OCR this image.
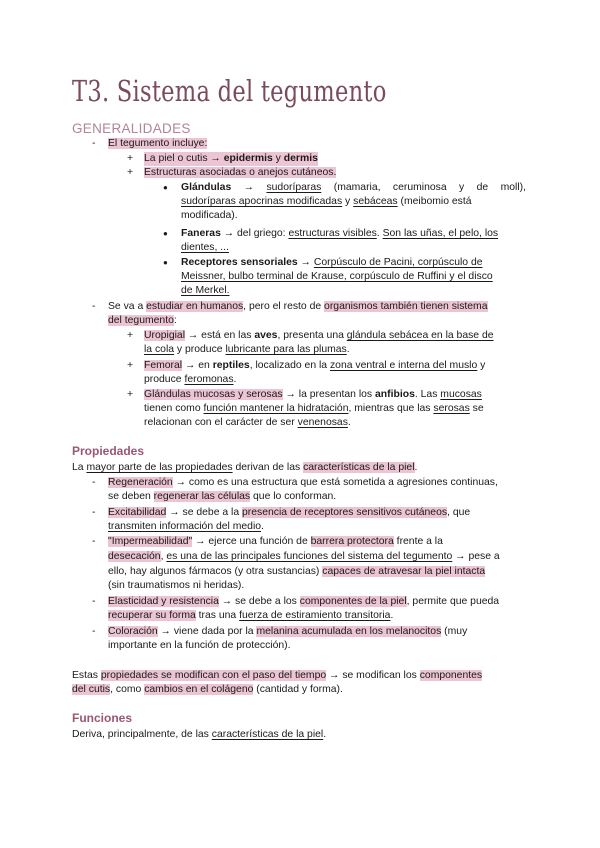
T3. Sistema del tegumento
GENERALIDADES
- El tegumento incluye:
+ La piel o cutis → epidermis y dermis
+ Estructuras asociadas o anejos cutáneos.
● Glándulas → sudoríparas (mamaria, ceruminosa y de moll),
sudoríparas apocrinas modificadas y sebáceas (meibomio está
modificada).
● Faneras → del griego: estructuras visibles. Son las uñas, el pelo, los
dientes, ...
● Receptores sensoriales → Corpúsculo de Pacini, corpúsculo de
Meissner, bulbo terminal de Krause, corpúsculo de Ruffini y el disco
de Merkel.
- Se va a estudiar en humanos, pero el resto de organismos también tienen sistema
del tegumento:
+ Uropigial → está en las aves, presenta una glándula sebácea en la base de
la cola y produce lubricante para las plumas.
+ Femoral → en reptiles, localizado en la zona ventral e interna del muslo y
produce feromonas.
+ Glándulas mucosas y serosas → la presentan los anfibios. Las mucosas
tienen como función mantener la hidratación, mientras que las serosas se
relacionan con el carácter de ser venenosas.
Propiedades
La mayor parte de las propiedades derivan de las características de la piel.
- Regeneración → como es una estructura que está sometida a agresiones continuas,
se deben regenerar las células que lo conforman.
- Excitabilidad → se debe a la presencia de receptores sensitivos cutáneos, que
transmiten información del medio.
- "Impermeabilidad" → ejerce una función de barrera protectora frente a la
desecación, es una de las principales funciones del sistema del tegumento → pese a
ello, hay algunos fármacos (y otra sustancias) capaces de atravesar la piel intacta
(sin traumatismos ni heridas).
- Elasticidad y resistencia → se debe a los componentes de la piel, permite que pueda
recuperar su forma tras una fuerza de estiramiento transitoria.
- Coloración → viene dada por la melanina acumulada en los melanocitos (muy
importante en la función de protección).
Estas propiedades se modifican con el paso del tiempo → se modifican los componentes
del cutis, como cambios en el colágeno (cantidad y forma).
Funciones
Deriva, principalmente, de las características de la piel.
